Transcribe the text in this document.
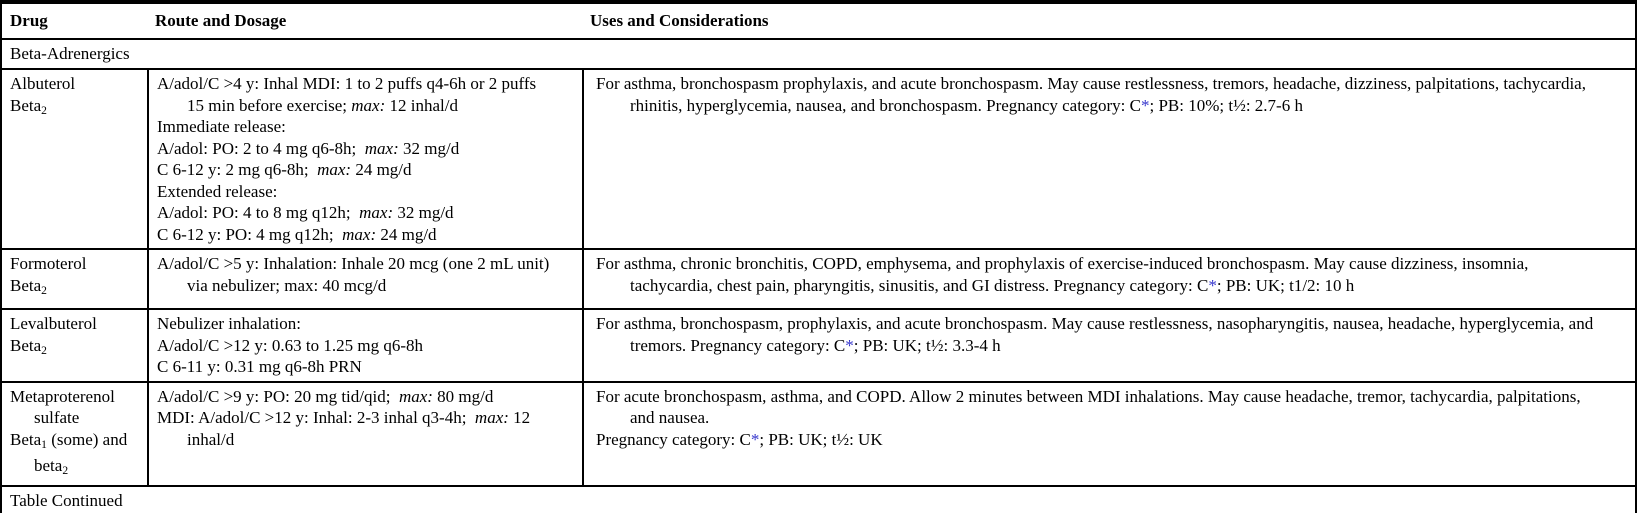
Drug	Route and Dosage	Uses and Considerations
Beta-Adrenergics
Albuterol
Beta2
A/adol/C >4 y: Inhal MDI: 1 to 2 puffs q4-6h or 2 puffs
15 min before exercise; max: 12 inhal/d
Immediate release:
A/adol: PO: 2 to 4 mg q6-8h;  max: 32 mg/d
C 6-12 y: 2 mg q6-8h;  max: 24 mg/d
Extended release:
A/adol: PO: 4 to 8 mg q12h;  max: 32 mg/d
C 6-12 y: PO: 4 mg q12h;  max: 24 mg/d
For asthma, bronchospasm prophylaxis, and acute bronchospasm. May cause restlessness, tremors, headache, dizziness, palpitations, tachycardia,
rhinitis, hyperglycemia, nausea, and bronchospasm. Pregnancy category: C*; PB: 10%; t½: 2.7-6 h
Formoterol
Beta2
A/adol/C >5 y: Inhalation: Inhale 20 mcg (one 2 mL unit)
via nebulizer; max: 40 mcg/d
For asthma, chronic bronchitis, COPD, emphysema, and prophylaxis of exercise-induced bronchospasm. May cause dizziness, insomnia,
tachycardia, chest pain, pharyngitis, sinusitis, and GI distress. Pregnancy category: C*; PB: UK; t1/2: 10 h
Levalbuterol
Beta2
Nebulizer inhalation:
A/adol/C >12 y: 0.63 to 1.25 mg q6-8h
C 6-11 y: 0.31 mg q6-8h PRN
For asthma, bronchospasm, prophylaxis, and acute bronchospasm. May cause restlessness, nasopharyngitis, nausea, headache, hyperglycemia, and
tremors. Pregnancy category: C*; PB: UK; t½: 3.3-4 h
Metaproterenol
sulfate
Beta1 (some) and
beta2
A/adol/C >9 y: PO: 20 mg tid/qid;  max: 80 mg/d
MDI: A/adol/C >12 y: Inhal: 2-3 inhal q3-4h;  max: 12
inhal/d
For acute bronchospasm, asthma, and COPD. Allow 2 minutes between MDI inhalations. May cause headache, tremor, tachycardia, palpitations,
and nausea.
Pregnancy category: C*; PB: UK; t½: UK
Table Continued
